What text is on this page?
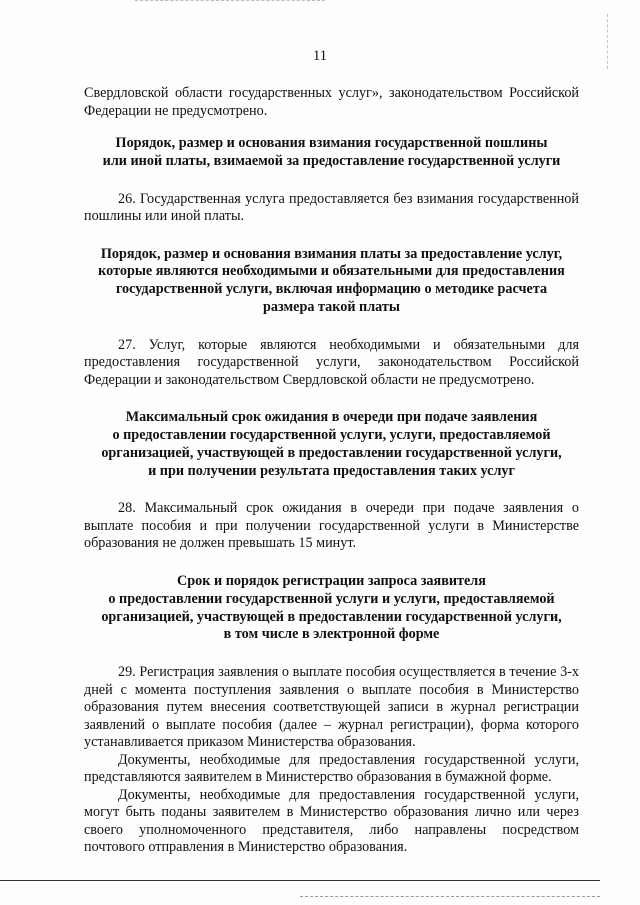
11

Свердловской области государственных услуг», законодательством Российской Федерации не предусмотрено.

Порядок, размер и основания взимания государственной пошлины
или иной платы, взимаемой за предоставление государственной услуги

26. Государственная услуга предоставляется без взимания государственной пошлины или иной платы.

Порядок, размер и основания взимания платы за предоставление услуг,
которые являются необходимыми и обязательными для предоставления
государственной услуги, включая информацию о методике расчета
размера такой платы

27. Услуг, которые являются необходимыми и обязательными для предоставления государственной услуги, законодательством Российской Федерации и законодательством Свердловской области не предусмотрено.

Максимальный срок ожидания в очереди при подаче заявления
о предоставлении государственной услуги, услуги, предоставляемой
организацией, участвующей в предоставлении государственной услуги,
и при получении результата предоставления таких услуг

28. Максимальный срок ожидания в очереди при подаче заявления о выплате пособия и при получении государственной услуги в Министерстве образования не должен превышать 15 минут.

Срок и порядок регистрации запроса заявителя
о предоставлении государственной услуги и услуги, предоставляемой
организацией, участвующей в предоставлении государственной услуги,
в том числе в электронной форме

29. Регистрация заявления о выплате пособия осуществляется в течение 3-х дней с момента поступления заявления о выплате пособия в Министерство образования путем внесения соответствующей записи в журнал регистрации заявлений о выплате пособия (далее – журнал регистрации), форма которого устанавливается приказом Министерства образования.

Документы, необходимые для предоставления государственной услуги, представляются заявителем в Министерство образования в бумажной форме.

Документы, необходимые для предоставления государственной услуги, могут быть поданы заявителем в Министерство образования лично или через своего уполномоченного представителя, либо направлены посредством почтового отправления в Министерство образования.
